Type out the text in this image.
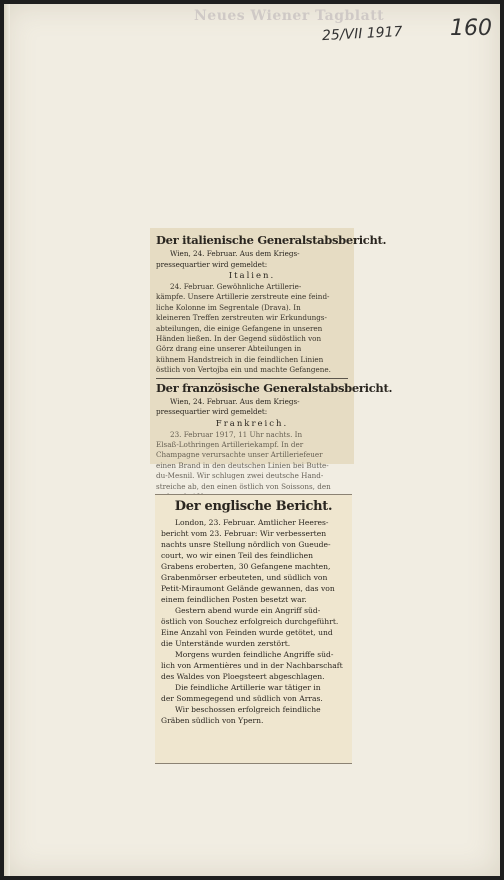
Neues Wiener Tagblatt
25/VII 1917 160
Der italienische Generalstabsbericht.

Wien, 24. Februar. Aus dem Kriegs-
pressequartier wird gemeldet:

Italien.
24. Februar. Gewöhnliche Artillerie-
kämpfe. Unsere Artillerie zerstreute eine feind-
liche Kolonne im Segrentale (Drava). In
kleineren Treffen zerstreuten wir Erkundungs-
abteilungen, die einige Gefangene in unseren
Händen ließen. In der Gegend südöstlich von
Görz drang eine unserer Abteilungen in
kühnem Handstreich in die feindlichen Linien
östlich von Vertojba ein und machte Gefangene.
Der französische Generalstabsbericht.

Wien, 24. Februar. Aus dem Kriegs-
pressequartier wird gemeldet:

Frankreich.
23. Februar 1917, 11 Uhr nachts. In
Elsaß-Lothringen Artilleriekampf. In der
Champagne verursachte unser Artilleriefeuer
einen Brand in den deutschen Linien bei Butte-
du-Mesnil. Wir schlugen zwei deutsche Hand-
streiche ab, den einen östlich von Soissons, den
Der englische Bericht.
London, 23. Februar. Amtlicher Heeres-
bericht vom 23. Februar: Wir verbesserten
nachts unsre Stellung nördlich von Gueude-
court, wo wir einen Teil des feindlichen
Grabens eroberten, 30 Gefangene machten,
Grabenmörser erbeuteten, und südlich von
Petit-Miraumont Gelände gewannen, das von
einem feindlichen Posten besetzt war.
Gestern abend wurde ein Angriff süd-
östlich von Souchez erfolgreich durchgeführt.
Eine Anzahl von Feinden wurde getötet, und
die Unterstände wurden zerstört.
Morgens wurden feindliche Angriffe süd-
lich von Armentières und in der Nachbarschaft
des Waldes von Ploegsteert abgeschlagen.
Die feindliche Artillerie war tätiger in
der Sommegegend und südlich von Arras.
Wir beschossen erfolgreich feindliche
Gräben südlich von Ypern.
